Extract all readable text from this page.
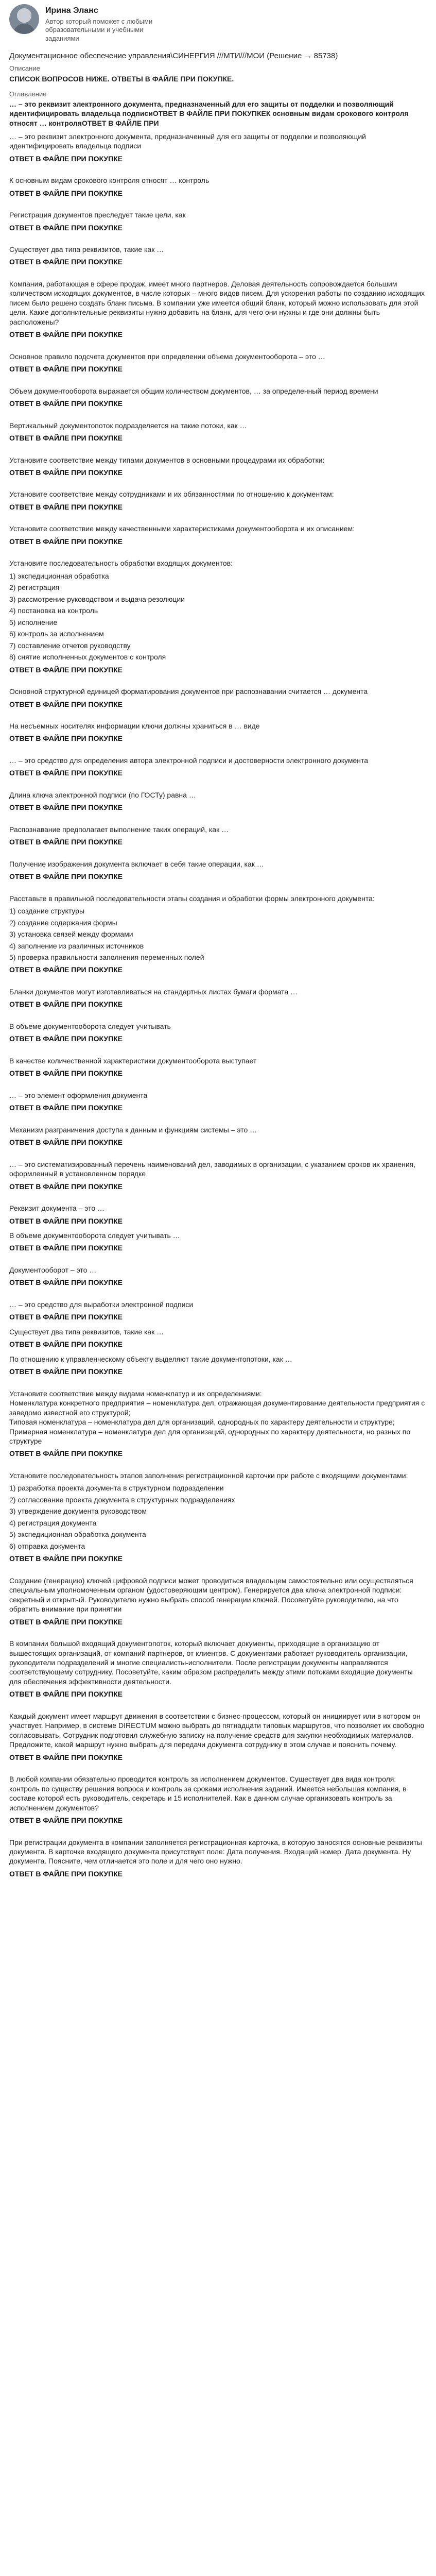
Ирина Эланс
Автор который поможет с любыми образовательными и учебными заданиями
Документационное обеспечение управления\СИНЕРГИЯ ///МТИ///МОИ (Решение → 85738)
Описание
СПИСОК ВОПРОСОВ НИЖЕ. ОТВЕТЫ В ФАЙЛЕ ПРИ ПОКУПКЕ.
Оглавление
… – это реквизит электронного документа, предназначенный для его защиты от подделки и позволяющий идентифицировать владельца подписиОТВЕТ В ФАЙЛЕ ПРИ ПОКУПКЕК основным видам срокового контроля относят … контроляОТВЕТ В ФАЙЛЕ ПРИ
… – это реквизит электронного документа, предназначенный для его защиты от подделки и позволяющий идентифицировать владельца подписи
ОТВЕТ В ФАЙЛЕ ПРИ ПОКУПКЕ
К основным видам срокового контроля относят … контроль
ОТВЕТ В ФАЙЛЕ ПРИ ПОКУПКЕ
Регистрация документов преследует такие цели, как
ОТВЕТ В ФАЙЛЕ ПРИ ПОКУПКЕ
Существует два типа реквизитов, такие как …
ОТВЕТ В ФАЙЛЕ ПРИ ПОКУПКЕ
Компания, работающая в сфере продаж, имеет много партнеров. Деловая деятельность сопровождается большим количеством исходящих документов, в числе которых – много видов писем. Для ускорения работы по созданию исходящих писем было решено создать бланк письма. В компании уже имеется общий бланк, который можно использовать для этой цели. Какие дополнительные реквизиты нужно добавить на бланк, для чего они нужны и где они должны быть расположены?
ОТВЕТ В ФАЙЛЕ ПРИ ПОКУПКЕ
Основное правило подсчета документов при определении объема документооборота – это …
ОТВЕТ В ФАЙЛЕ ПРИ ПОКУПКЕ
Объем документооборота выражается общим количеством документов, … за определенный период времени
ОТВЕТ В ФАЙЛЕ ПРИ ПОКУПКЕ
Вертикальный документопоток подразделяется на такие потоки, как …
ОТВЕТ В ФАЙЛЕ ПРИ ПОКУПКЕ
Установите соответствие между типами документов в основными процедурами их обработки:
ОТВЕТ В ФАЙЛЕ ПРИ ПОКУПКЕ
Установите соответствие между сотрудниками и их обязанностями по отношению к документам:
ОТВЕТ В ФАЙЛЕ ПРИ ПОКУПКЕ
Установите соответствие между качественными характеристиками документооборота и их описанием:
ОТВЕТ В ФАЙЛЕ ПРИ ПОКУПКЕ
Установите последовательность обработки входящих документов:
1) экспедиционная обработка
2) регистрация
3) рассмотрение руководством и выдача резолюции
4) постановка на контроль
5) исполнение
6) контроль за исполнением
7) составление отчетов руководству
8) снятие исполненных документов с контроля
ОТВЕТ В ФАЙЛЕ ПРИ ПОКУПКЕ
Основной структурной единицей форматирования документов при распознавании считается … документа
ОТВЕТ В ФАЙЛЕ ПРИ ПОКУПКЕ
На несъемных носителях информации ключи должны храниться в … виде
ОТВЕТ В ФАЙЛЕ ПРИ ПОКУПКЕ
… – это средство для определения автора электронной подписи и достоверности электронного документа
ОТВЕТ В ФАЙЛЕ ПРИ ПОКУПКЕ
Длина ключа электронной подписи (по ГОСТу) равна …
ОТВЕТ В ФАЙЛЕ ПРИ ПОКУПКЕ
Распознавание предполагает выполнение таких операций, как …
ОТВЕТ В ФАЙЛЕ ПРИ ПОКУПКЕ
Получение изображения документа включает в себя такие операции, как …
ОТВЕТ В ФАЙЛЕ ПРИ ПОКУПКЕ
Расставьте в правильной последовательности этапы создания и обработки формы электронного документа:
1) создание структуры
2) создание содержания формы
3) установка связей между формами
4) заполнение из различных источников
5) проверка правильности заполнения переменных полей
ОТВЕТ В ФАЙЛЕ ПРИ ПОКУПКЕ
Бланки документов могут изготавливаться на стандартных листах бумаги формата …
ОТВЕТ В ФАЙЛЕ ПРИ ПОКУПКЕ
В объеме документооборота следует учитывать
ОТВЕТ В ФАЙЛЕ ПРИ ПОКУПКЕ
В качестве количественной характеристики документооборота выступает
ОТВЕТ В ФАЙЛЕ ПРИ ПОКУПКЕ
… – это элемент оформления документа
ОТВЕТ В ФАЙЛЕ ПРИ ПОКУПКЕ
Механизм разграничения доступа к данным и функциям системы – это …
ОТВЕТ В ФАЙЛЕ ПРИ ПОКУПКЕ
… – это систематизированный перечень наименований дел, заводимых в организации, с указанием сроков их хранения, оформленный в установленном порядке
ОТВЕТ В ФАЙЛЕ ПРИ ПОКУПКЕ
Реквизит документа – это …
ОТВЕТ В ФАЙЛЕ ПРИ ПОКУПКЕ
В объеме документооборота следует учитывать …
ОТВЕТ В ФАЙЛЕ ПРИ ПОКУПКЕ
Документооборот – это …
ОТВЕТ В ФАЙЛЕ ПРИ ПОКУПКЕ
… – это средство для выработки электронной подписи
ОТВЕТ В ФАЙЛЕ ПРИ ПОКУПКЕ
Существует два типа реквизитов, такие как …
ОТВЕТ В ФАЙЛЕ ПРИ ПОКУПКЕ
По отношению к управленческому объекту выделяют такие документопотоки, как …
ОТВЕТ В ФАЙЛЕ ПРИ ПОКУПКЕ
Установите соответствие между видами номенклатур и их определениями:
Номенклатура конкретного предприятия – номенклатура дел, отражающая документирование деятельности предприятия с заведомо известной его структурой;
Типовая номенклатура – номенклатура дел для организаций, однородных по характеру деятельности и структуре;
Примерная номенклатура – номенклатура дел для организаций, однородных по характеру деятельности, но разных по структуре
ОТВЕТ В ФАЙЛЕ ПРИ ПОКУПКЕ
Установите последовательность этапов заполнения регистрационной карточки при работе с входящими документами:
1) разработка проекта документа в структурном подразделении
2) согласование проекта документа в структурных подразделениях
3) утверждение документа руководством
4) регистрация документа
5) экспедиционная обработка документа
6) отправка документа
ОТВЕТ В ФАЙЛЕ ПРИ ПОКУПКЕ
Создание (генерацию) ключей цифровой подписи может проводиться владельцем самостоятельно или осуществляться специальным уполномоченным органом (удостоверяющим центром). Генерируется два ключа электронной подписи: секретный и открытый. Руководителю нужно выбрать способ генерации ключей. Посоветуйте руководителю, на что обратить внимание при принятии
ОТВЕТ В ФАЙЛЕ ПРИ ПОКУПКЕ
В компании большой входящий документопоток, который включает документы, приходящие в организацию от вышестоящих организаций, от компаний партнеров, от клиентов. С документами работает руководитель организации, руководители подразделений и многие специалисты-исполнители. После регистрации документы направляются соответствующему сотруднику. Посоветуйте, каким образом распределить между этими потоками входящие документы для обеспечения эффективности деятельности.
ОТВЕТ В ФАЙЛЕ ПРИ ПОКУПКЕ
Каждый документ имеет маршрут движения в соответствии с бизнес-процессом, который он инициирует или в котором он участвует. Например, в системе DIRECTUM можно выбрать до пятнадцати типовых маршрутов, что позволяет их свободно согласовывать. Сотрудник подготовил служебную записку на получение средств для закупки необходимых материалов. Предложите, какой маршрут нужно выбрать для передачи документа сотруднику в этом случае и пояснить почему.
ОТВЕТ В ФАЙЛЕ ПРИ ПОКУПКЕ
В любой компании обязательно проводится контроль за исполнением документов. Существует два вида контроля: контроль по существу решения вопроса и контроль за сроками исполнения заданий. Имеется небольшая компания, в составе которой есть руководитель, секретарь и 15 исполнителей. Как в данном случае организовать контроль за исполнением документов?
ОТВЕТ В ФАЙЛЕ ПРИ ПОКУПКЕ
При регистрации документа в компании заполняется регистрационная карточка, в которую заносятся основные реквизиты документа. В карточке входящего документа присутствует поле: Дата получения. Входящий номер. Дата документа. Ну документа. Поясните, чем отличается это поле и для чего оно нужно.
ОТВЕТ В ФАЙЛЕ ПРИ ПОКУПКЕ
